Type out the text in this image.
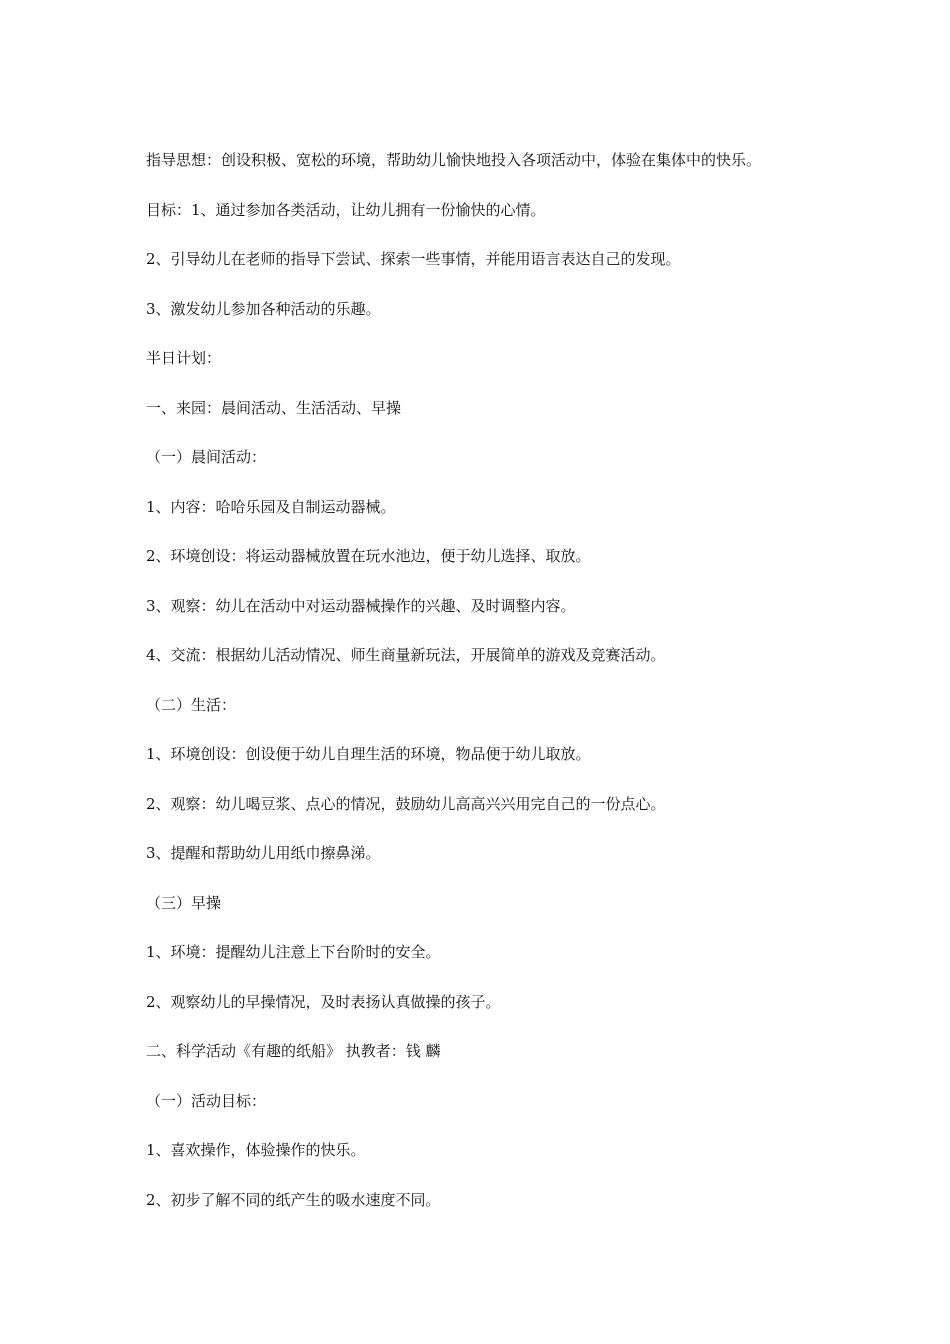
指导思想：创设积极、宽松的环境，帮助幼儿愉快地投入各项活动中，体验在集体中的快乐。
目标：1、通过参加各类活动，让幼儿拥有一份愉快的心情。
2、引导幼儿在老师的指导下尝试、探索一些事情，并能用语言表达自己的发现。
3、激发幼儿参加各种活动的乐趣。
半日计划：
一、来园：晨间活动、生活活动、早操
（一）晨间活动：
1、内容：哈哈乐园及自制运动器械。
2、环境创设：将运动器械放置在玩水池边，便于幼儿选择、取放。
3、观察：幼儿在活动中对运动器械操作的兴趣、及时调整内容。
4、交流：根据幼儿活动情况、师生商量新玩法，开展简单的游戏及竞赛活动。
（二）生活：
1、环境创设：创设便于幼儿自理生活的环境，物品便于幼儿取放。
2、观察：幼儿喝豆浆、点心的情况，鼓励幼儿高高兴兴用完自己的一份点心。
3、提醒和帮助幼儿用纸巾擦鼻涕。
（三）早操
1、环境：提醒幼儿注意上下台阶时的安全。
2、观察幼儿的早操情况，及时表扬认真做操的孩子。
二、科学活动《有趣的纸船》 执教者：钱 麟
（一）活动目标：
1、喜欢操作，体验操作的快乐。
2、初步了解不同的纸产生的吸水速度不同。
